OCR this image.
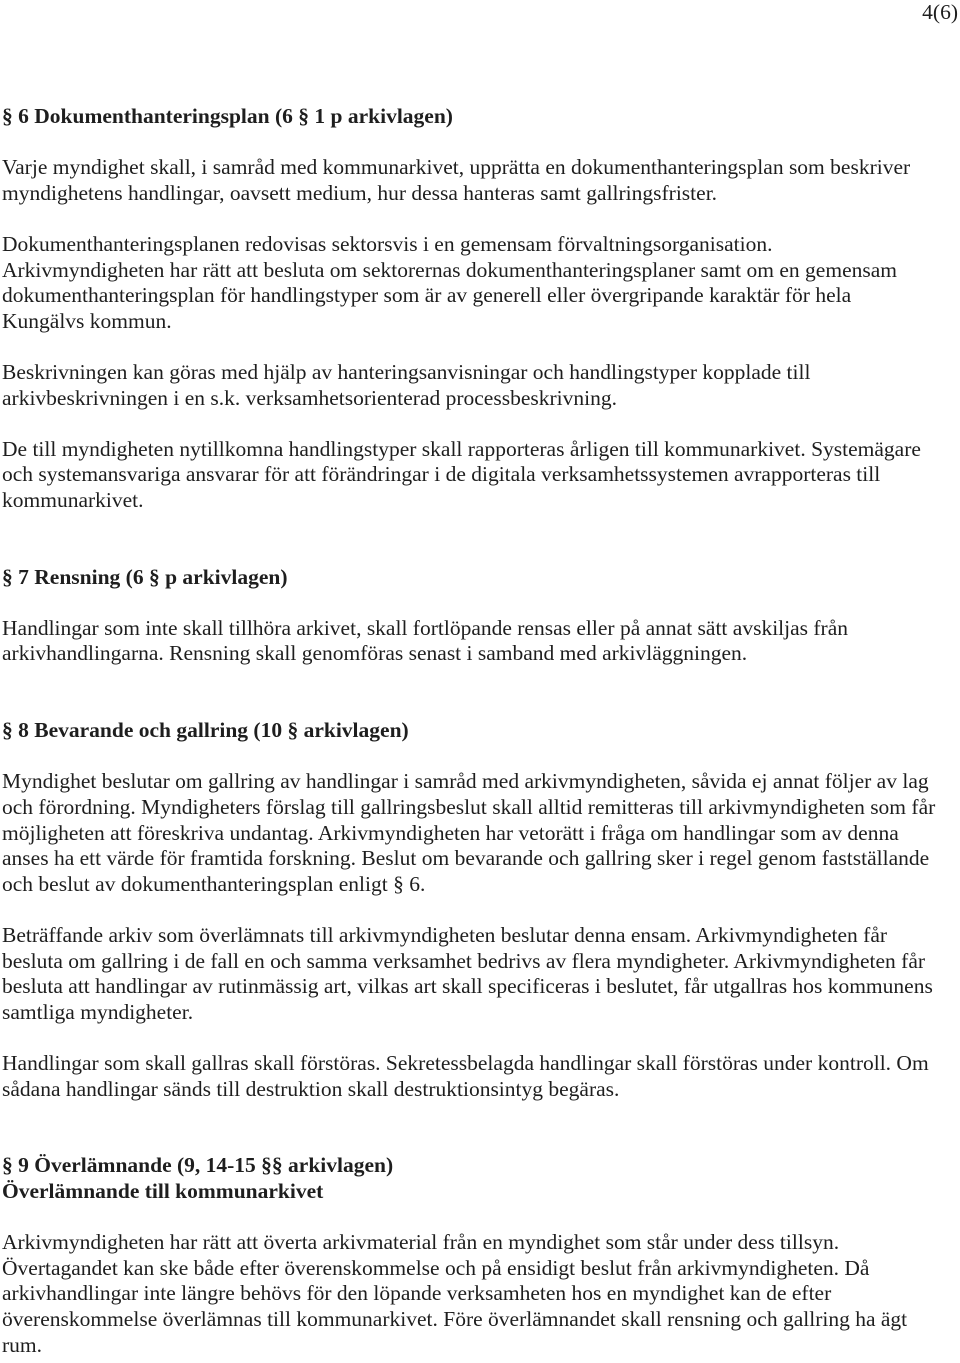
4(6)
§ 6 Dokumenthanteringsplan (6 § 1 p arkivlagen)
Varje myndighet skall, i samråd med kommunarkivet, upprätta en dokumenthanteringsplan som beskriver
myndighetens handlingar, oavsett medium, hur dessa hanteras samt gallringsfrister.
Dokumenthanteringsplanen redovisas sektorsvis i en gemensam förvaltningsorganisation.
Arkivmyndigheten har rätt att besluta om sektorernas dokumenthanteringsplaner samt om en gemensam
dokumenthanteringsplan för handlingstyper som är av generell eller övergripande karaktär för hela
Kungälvs kommun.
Beskrivningen kan göras med hjälp av hanteringsanvisningar och handlingstyper kopplade till
arkivbeskrivningen i en s.k. verksamhetsorienterad processbeskrivning.
De till myndigheten nytillkomna handlingstyper skall rapporteras årligen till kommunarkivet. Systemägare
och systemansvariga ansvarar för att förändringar i de digitala verksamhetssystemen avrapporteras till
kommunarkivet.
§ 7 Rensning (6 § p arkivlagen)
Handlingar som inte skall tillhöra arkivet, skall fortlöpande rensas eller på annat sätt avskiljas från
arkivhandlingarna. Rensning skall genomföras senast i samband med arkivläggningen.
§ 8 Bevarande och gallring (10 § arkivlagen)
Myndighet beslutar om gallring av handlingar i samråd med arkivmyndigheten, såvida ej annat följer av lag
och förordning. Myndigheters förslag till gallringsbeslut skall alltid remitteras till arkivmyndigheten som får
möjligheten att föreskriva undantag. Arkivmyndigheten har vetorätt i fråga om handlingar som av denna
anses ha ett värde för framtida forskning. Beslut om bevarande och gallring sker i regel genom fastställande
och beslut av dokumenthanteringsplan enligt § 6.
Beträffande arkiv som överlämnats till arkivmyndigheten beslutar denna ensam. Arkivmyndigheten får
besluta om gallring i de fall en och samma verksamhet bedrivs av flera myndigheter. Arkivmyndigheten får
besluta att handlingar av rutinmässig art, vilkas art skall specificeras i beslutet, får utgallras hos kommunens
samtliga myndigheter.
Handlingar som skall gallras skall förstöras. Sekretessbelagda handlingar skall förstöras under kontroll. Om
sådana handlingar sänds till destruktion skall destruktionsintyg begäras.
§ 9 Överlämnande (9, 14-15 §§ arkivlagen)
Överlämnande till kommunarkivet
Arkivmyndigheten har rätt att överta arkivmaterial från en myndighet som står under dess tillsyn.
Övertagandet kan ske både efter överenskommelse och på ensidigt beslut från arkivmyndigheten. Då
arkivhandlingar inte längre behövs för den löpande verksamheten hos en myndighet kan de efter
överenskommelse överlämnas till kommunarkivet. Före överlämnandet skall rensning och gallring ha ägt
rum.
